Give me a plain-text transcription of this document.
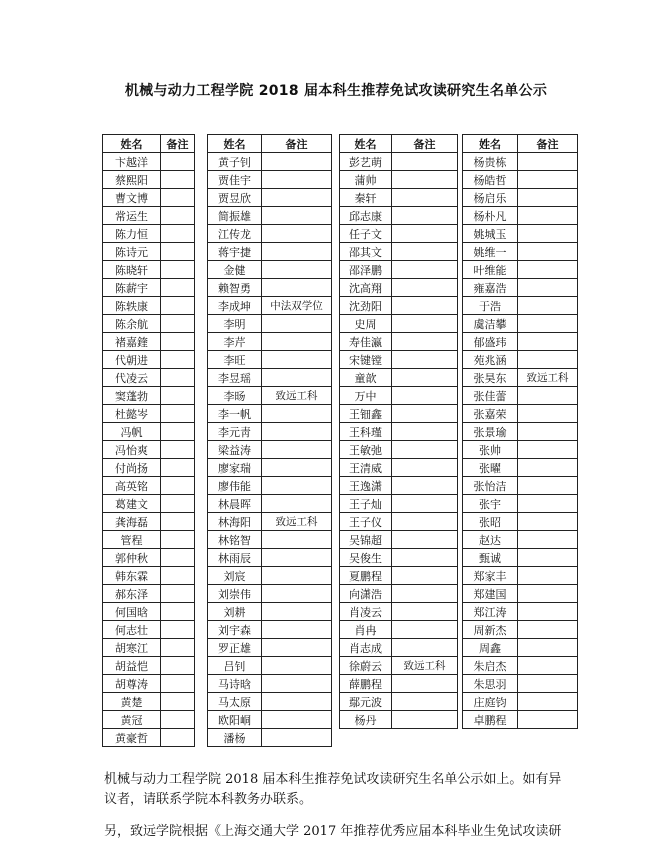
机械与动力工程学院 2018 届本科生推荐免试攻读研究生名单公示
姓名	备注
卞越洋	
蔡熙阳	
曹文博	
常运生	
陈力恒	
陈诗元	
陈晓轩	
陈薪宇	
陈轶康	
陈余航	
褚嘉鍷	
代朝进	
代凌云	
窦蓬勃	
杜懿岑	
冯帆	
冯怡爽	
付尚扬	
高英铭	
葛建文	
龚海磊	
管程	
郭仲秋	
韩东霖	
郝东泽	
何国晗	
何志壮	
胡寒江	
胡益恺	
胡尊涛	
黄楚	
黄冠	
黄豪哲	
姓名	备注
黄子钊	
贾佳宇	
贾昱欣	
简振雄	
江传龙	
蒋宇捷	
金健	
赖智勇	
李成坤	中法双学位
李明	
李芹	
李旺	
李昱瑶	
李旸	致远工科
李一帆	
李元靑	
梁益涛	
廖家瑞	
廖伟能	
林晨晖	
林海阳	致远工科
林铭智	
林雨辰	
刘宸	
刘崇伟	
刘耕	
刘宇森	
罗正雄	
吕钊	
马诗晗	
马太原	
欧阳峒	
潘杨	
姓名	备注
彭艺萌	
蒲帅	
秦轩	
邱志康	
任子文	
邵其文	
邵泽鹏	
沈高翔	
沈劲阳	
史周	
寿佳瀛	
宋键镗	
童歆	
万中	
王钿鑫	
王科瑾	
王敏弛	
王清威	
王逸潇	
王子灿	
王子仪	
吴锦超	
吴俊生	
夏鹏程	
向潇浩	
肖凌云	
肖冉	
肖志成	
徐蔚云	致远工科
薛鹏程	
鄢元波	
杨丹	
姓名	备注
杨贵栋	
杨皓哲	
杨启乐	
杨朴凡	
姚城玉	
姚维一	
叶维能	
雍嘉浩	
于浩	
虞洁攀	
郁盛玮	
苑兆涵	
张昊东	致远工科
张佳蕾	
张嘉荣	
张景瑜	
张帅	
张曜	
张怡洁	
张宇	
张昭	
赵达	
甄诚	
郑家丰	
郑建国	
郑江涛	
周新杰	
周鑫	
朱启杰	
朱思羽	
庄庭钧	
卓鹏程	
机械与动力工程学院 2018 届本科生推荐免试攻读研究生名单公示如上。如有异
议者，请联系学院本科教务办联系。
另，致远学院根据《上海交通大学 2017 年推荐优秀应届本科毕业生免试攻读研
